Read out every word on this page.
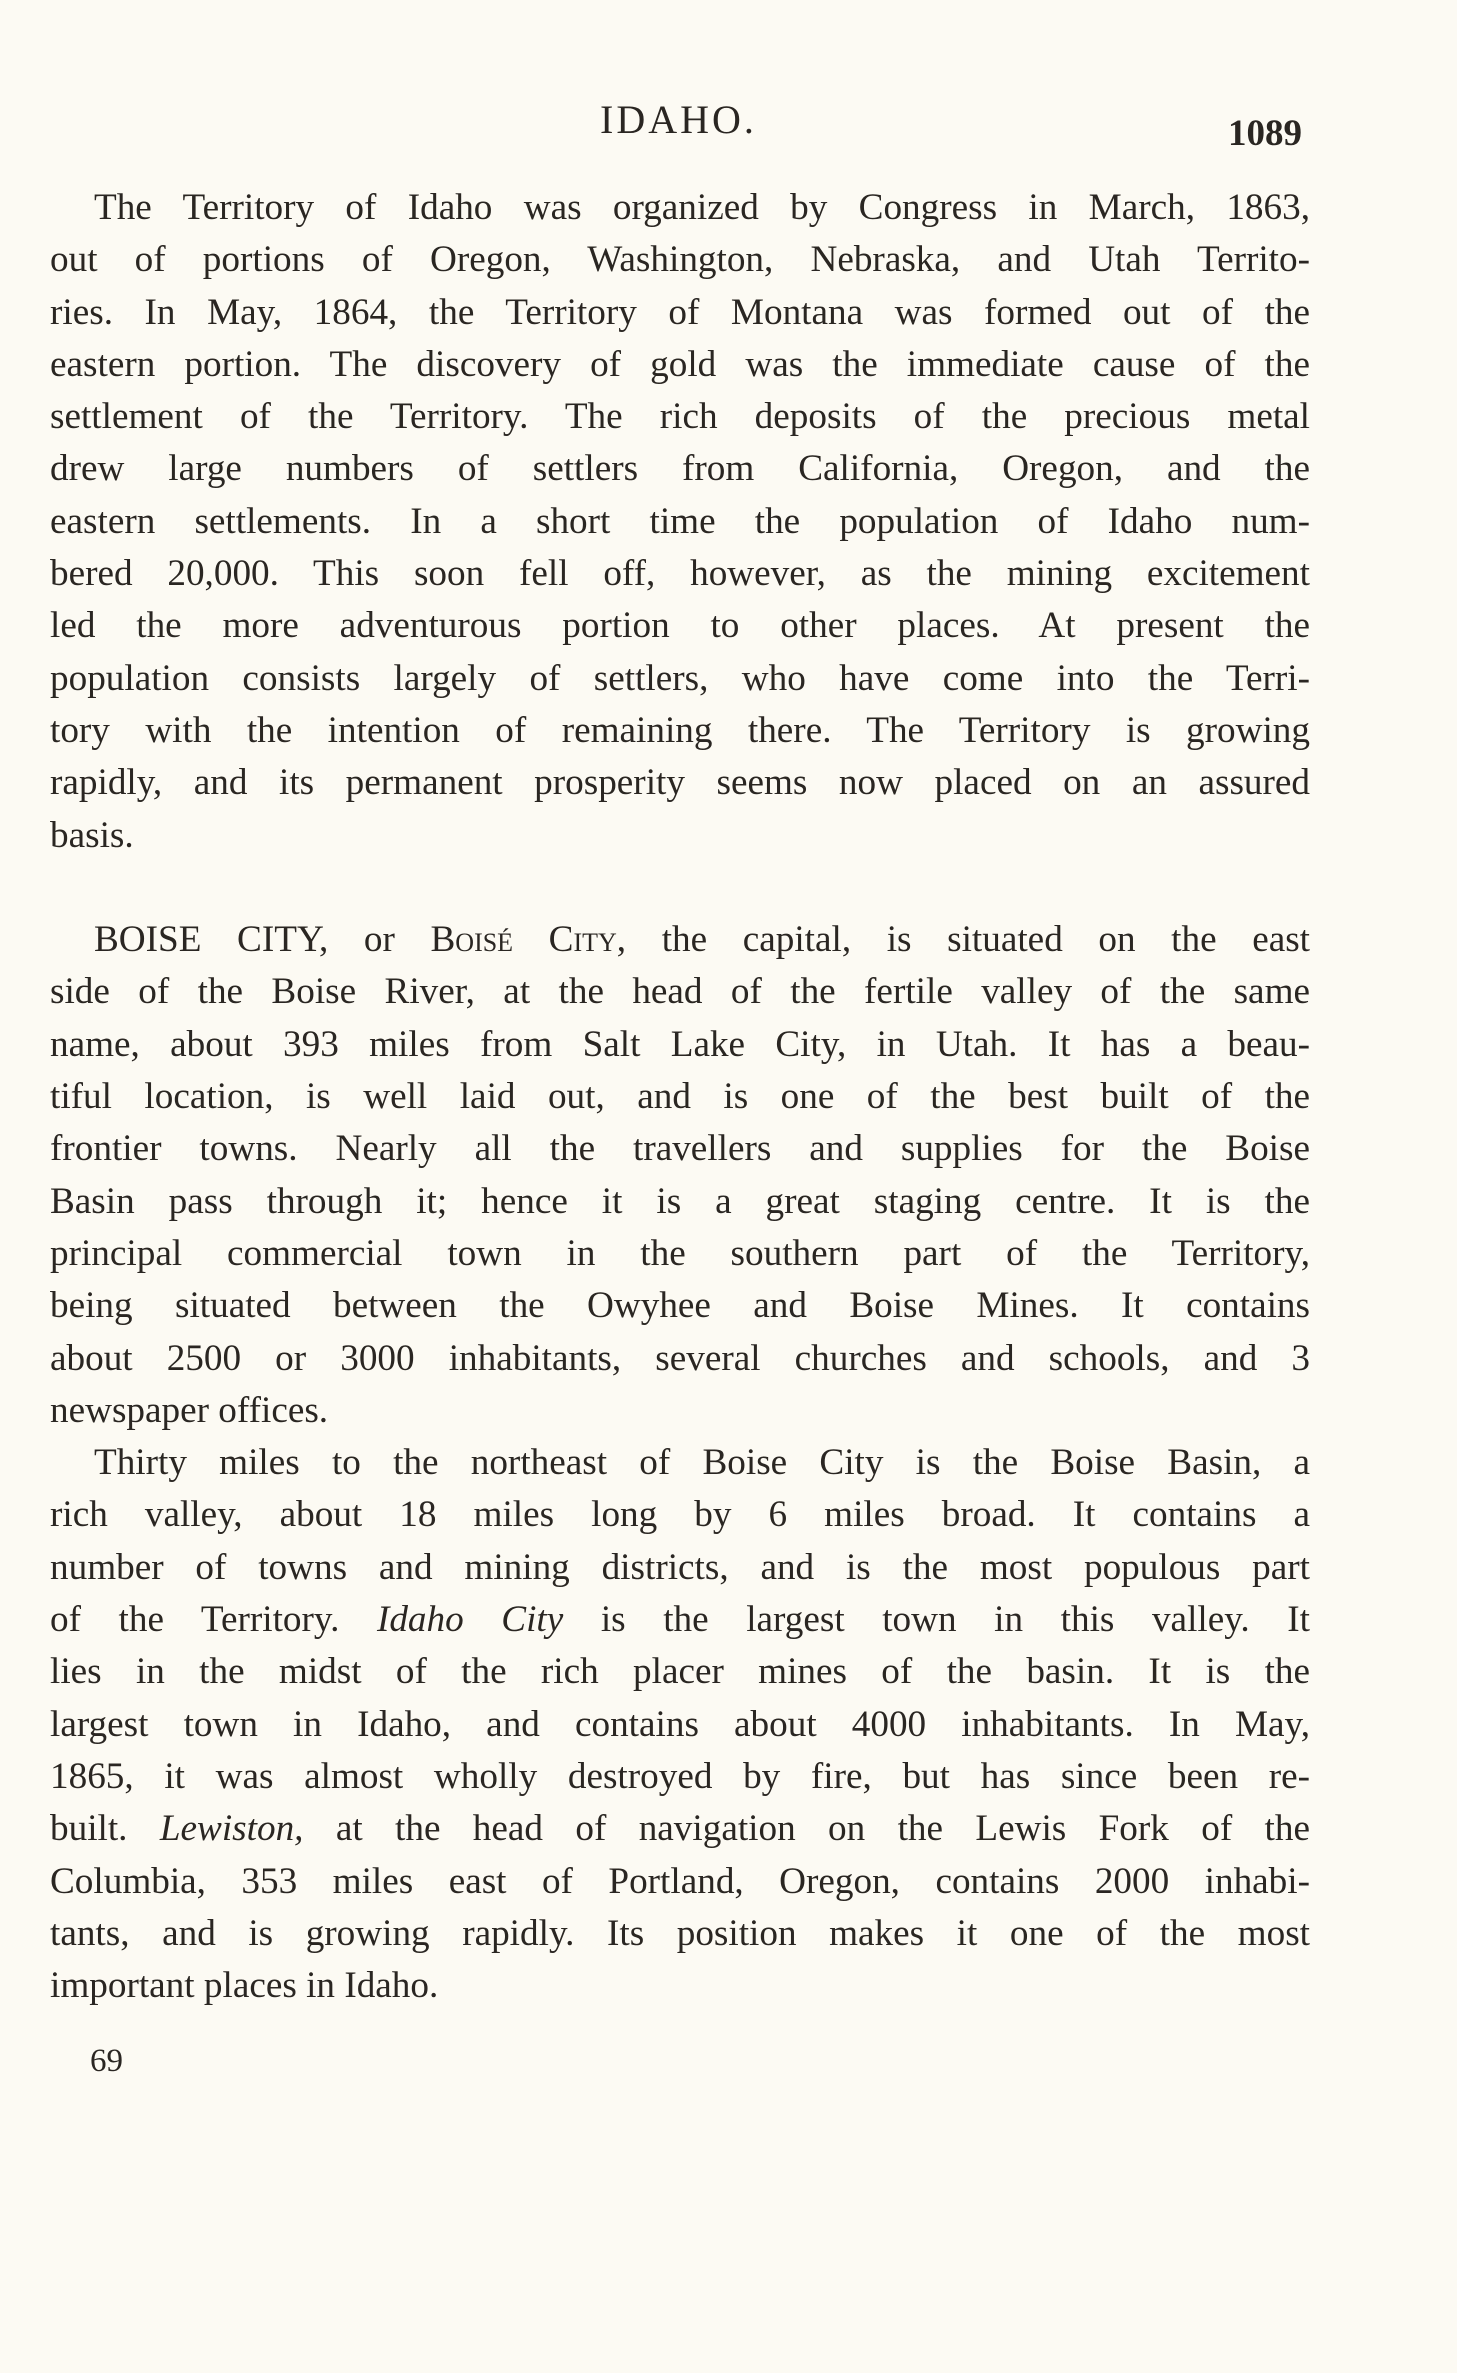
IDAHO.	1089
The Territory of Idaho was organized by Congress in March, 1863,
out of portions of Oregon, Washington, Nebraska, and Utah Territo-
ries. In May, 1864, the Territory of Montana was formed out of the
eastern portion. The discovery of gold was the immediate cause of the
settlement of the Territory. The rich deposits of the precious metal
drew large numbers of settlers from California, Oregon, and the
eastern settlements. In a short time the population of Idaho num-
bered 20,000. This soon fell off, however, as the mining excitement
led the more adventurous portion to other places. At present the
population consists largely of settlers, who have come into the Terri-
tory with the intention of remaining there. The Territory is growing
rapidly, and its permanent prosperity seems now placed on an assured
basis.
BOISE CITY, or Boisé City, the capital, is situated on the east
side of the Boise River, at the head of the fertile valley of the same
name, about 393 miles from Salt Lake City, in Utah. It has a beau-
tiful location, is well laid out, and is one of the best built of the
frontier towns. Nearly all the travellers and supplies for the Boise
Basin pass through it; hence it is a great staging centre. It is the
principal commercial town in the southern part of the Territory,
being situated between the Owyhee and Boise Mines. It contains
about 2500 or 3000 inhabitants, several churches and schools, and 3
newspaper offices.
Thirty miles to the northeast of Boise City is the Boise Basin, a
rich valley, about 18 miles long by 6 miles broad. It contains a
number of towns and mining districts, and is the most populous part
of the Territory. Idaho City is the largest town in this valley. It
lies in the midst of the rich placer mines of the basin. It is the
largest town in Idaho, and contains about 4000 inhabitants. In May,
1865, it was almost wholly destroyed by fire, but has since been re-
built. Lewiston, at the head of navigation on the Lewis Fork of the
Columbia, 353 miles east of Portland, Oregon, contains 2000 inhabi-
tants, and is growing rapidly. Its position makes it one of the most
important places in Idaho.
69
